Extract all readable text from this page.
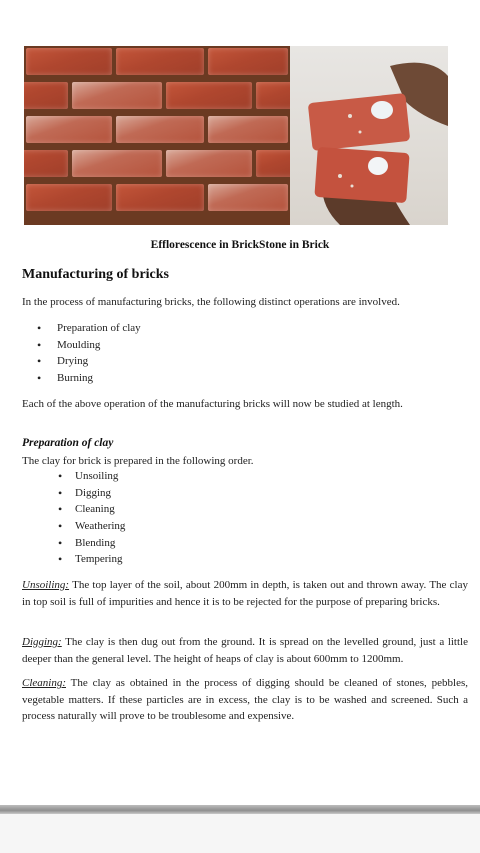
Efflorescence in BrickStone in Brick
Manufacturing of bricks
In the process of manufacturing bricks, the following distinct operations are involved.
• Preparation of clay
• Moulding
• Drying
• Burning
Each of the above operation of the manufacturing bricks will now be studied at length.
Preparation of clay
The clay for brick is prepared in the following order.
• Unsoiling
• Digging
• Cleaning
• Weathering
• Blending
• Tempering
Unsoiling: The top layer of the soil, about 200mm in depth, is taken out and thrown away. The clay in top soil is full of impurities and hence it is to be rejected for the purpose of preparing bricks.
Digging: The clay is then dug out from the ground. It is spread on the levelled ground, just a little deeper than the general level. The height of heaps of clay is about 600mm to 1200mm.
Cleaning: The clay as obtained in the process of digging should be cleaned of stones, pebbles, vegetable matters. If these particles are in excess, the clay is to be washed and screened. Such a process naturally will prove to be troublesome and expensive.
